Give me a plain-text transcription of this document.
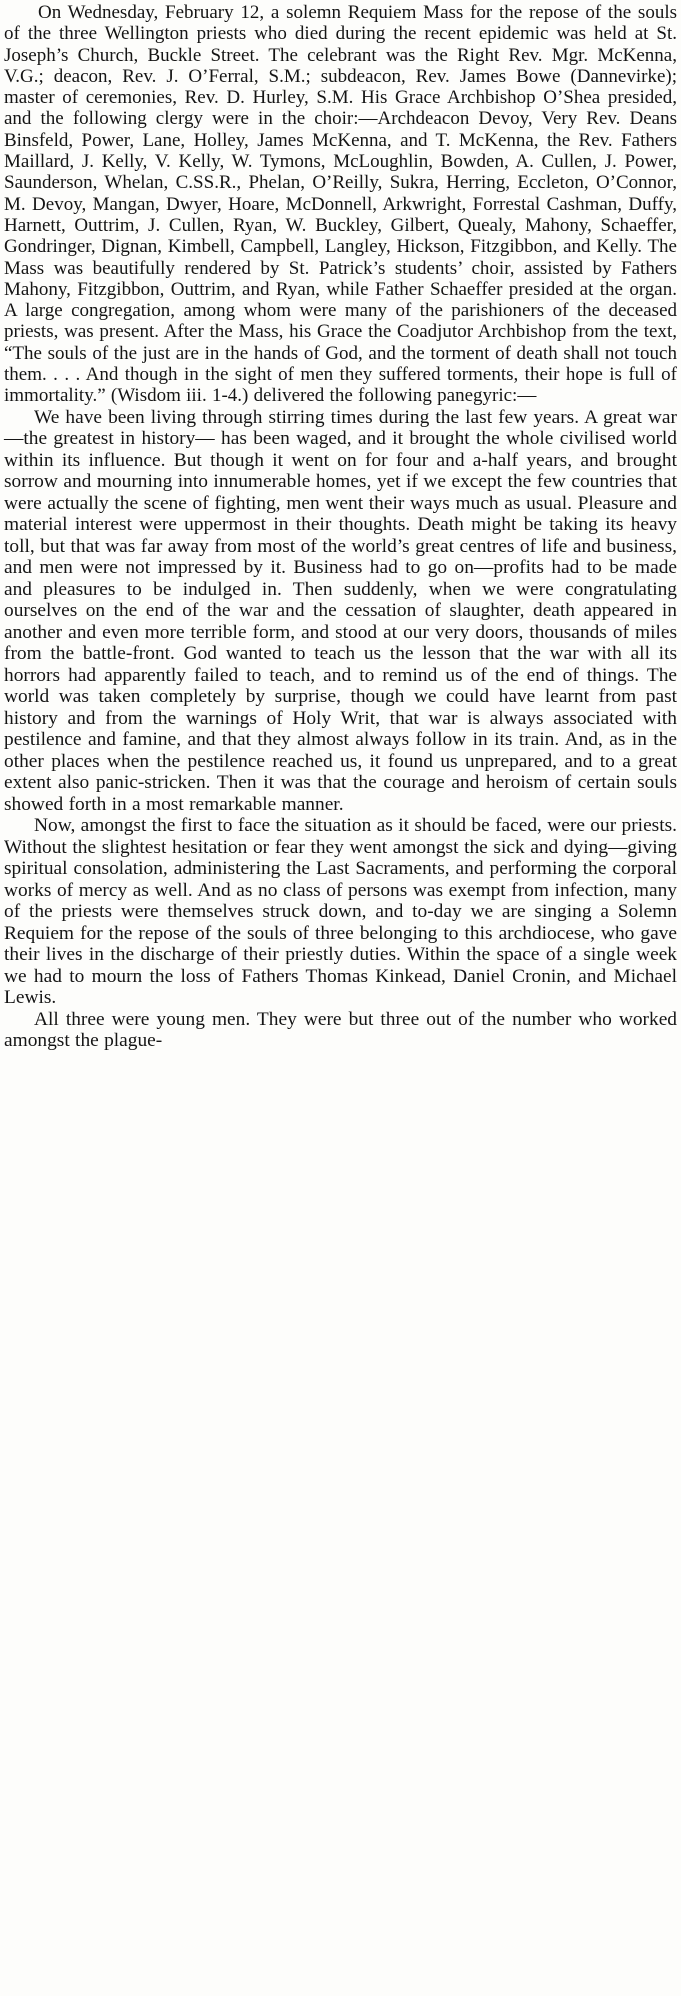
On Wednesday, February 12, a solemn Requiem Mass for the repose of the souls of the three Wellington priests who died during the recent epidemic was held at St. Joseph’s Church, Buckle Street. The celebrant was the Right Rev. Mgr. McKenna, V.G.; deacon, Rev. J. O’Ferral, S.M.; subdeacon, Rev. James Bowe (Dannevirke); master of ceremonies, Rev. D. Hurley, S.M. His Grace Archbishop O’Shea presided, and the following clergy were in the choir:—Archdeacon Devoy, Very Rev. Deans Binsfeld, Power, Lane, Holley, James McKenna, and T. McKenna, the Rev. Fathers Maillard, J. Kelly, V. Kelly, W. Tymons, McLoughlin, Bowden, A. Cullen, J. Power, Saunderson, Whelan, C.SS.R., Phelan, O’Reilly, Sukra, Herring, Eccleton, O’Connor, M. Devoy, Mangan, Dwyer, Hoare, McDonnell, Arkwright, Forrestal Cashman, Duffy, Harnett, Outtrim, J. Cullen, Ryan, W. Buckley, Gilbert, Quealy, Mahony, Schaeffer, Gondringer, Dignan, Kimbell, Campbell, Langley, Hickson, Fitzgibbon, and Kelly. The Mass was beautifully rendered by St. Patrick’s students’ choir, assisted by Fathers Mahony, Fitzgibbon, Outtrim, and Ryan, while Father Schaeffer presided at the organ. A large congregation, among whom were many of the parishioners of the deceased priests, was present. After the Mass, his Grace the Coadjutor Archbishop from the text, “The souls of the just are in the hands of God, and the torment of death shall not touch them. . . . And though in the sight of men they suffered torments, their hope is full of immortality.” (Wisdom iii. 1-4.) delivered the following panegyric:—

We have been living through stirring times during the last few years. A great war—the greatest in history— has been waged, and it brought the whole civilised world within its influence. But though it went on for four and a-half years, and brought sorrow and mourning into innumerable homes, yet if we except the few countries that were actually the scene of fighting, men went their ways much as usual. Pleasure and material interest were uppermost in their thoughts. Death might be taking its heavy toll, but that was far away from most of the world’s great centres of life and business, and men were not impressed by it. Business had to go on—profits had to be made and pleasures to be indulged in. Then suddenly, when we were congratulating ourselves on the end of the war and the cessation of slaughter, death appeared in another and even more terrible form, and stood at our very doors, thousands of miles from the battle-front. God wanted to teach us the lesson that the war with all its horrors had apparently failed to teach, and to remind us of the end of things. The world was taken completely by surprise, though we could have learnt from past history and from the warnings of Holy Writ, that war is always associated with pestilence and famine, and that they almost always follow in its train. And, as in the other places when the pestilence reached us, it found us unprepared, and to a great extent also panic-stricken. Then it was that the courage and heroism of certain souls showed forth in a most remarkable manner.

Now, amongst the first to face the situation as it should be faced, were our priests. Without the slightest hesitation or fear they went amongst the sick and dying—giving spiritual consolation, administering the Last Sacraments, and performing the corporal works of mercy as well. And as no class of persons was exempt from infection, many of the priests were themselves struck down, and to-day we are singing a Solemn Requiem for the repose of the souls of three belonging to this archdiocese, who gave their lives in the discharge of their priestly duties. Within the space of a single week we had to mourn the loss of Fathers Thomas Kinkead, Daniel Cronin, and Michael Lewis.

All three were young men. They were but three out of the number who worked amongst the plague-
